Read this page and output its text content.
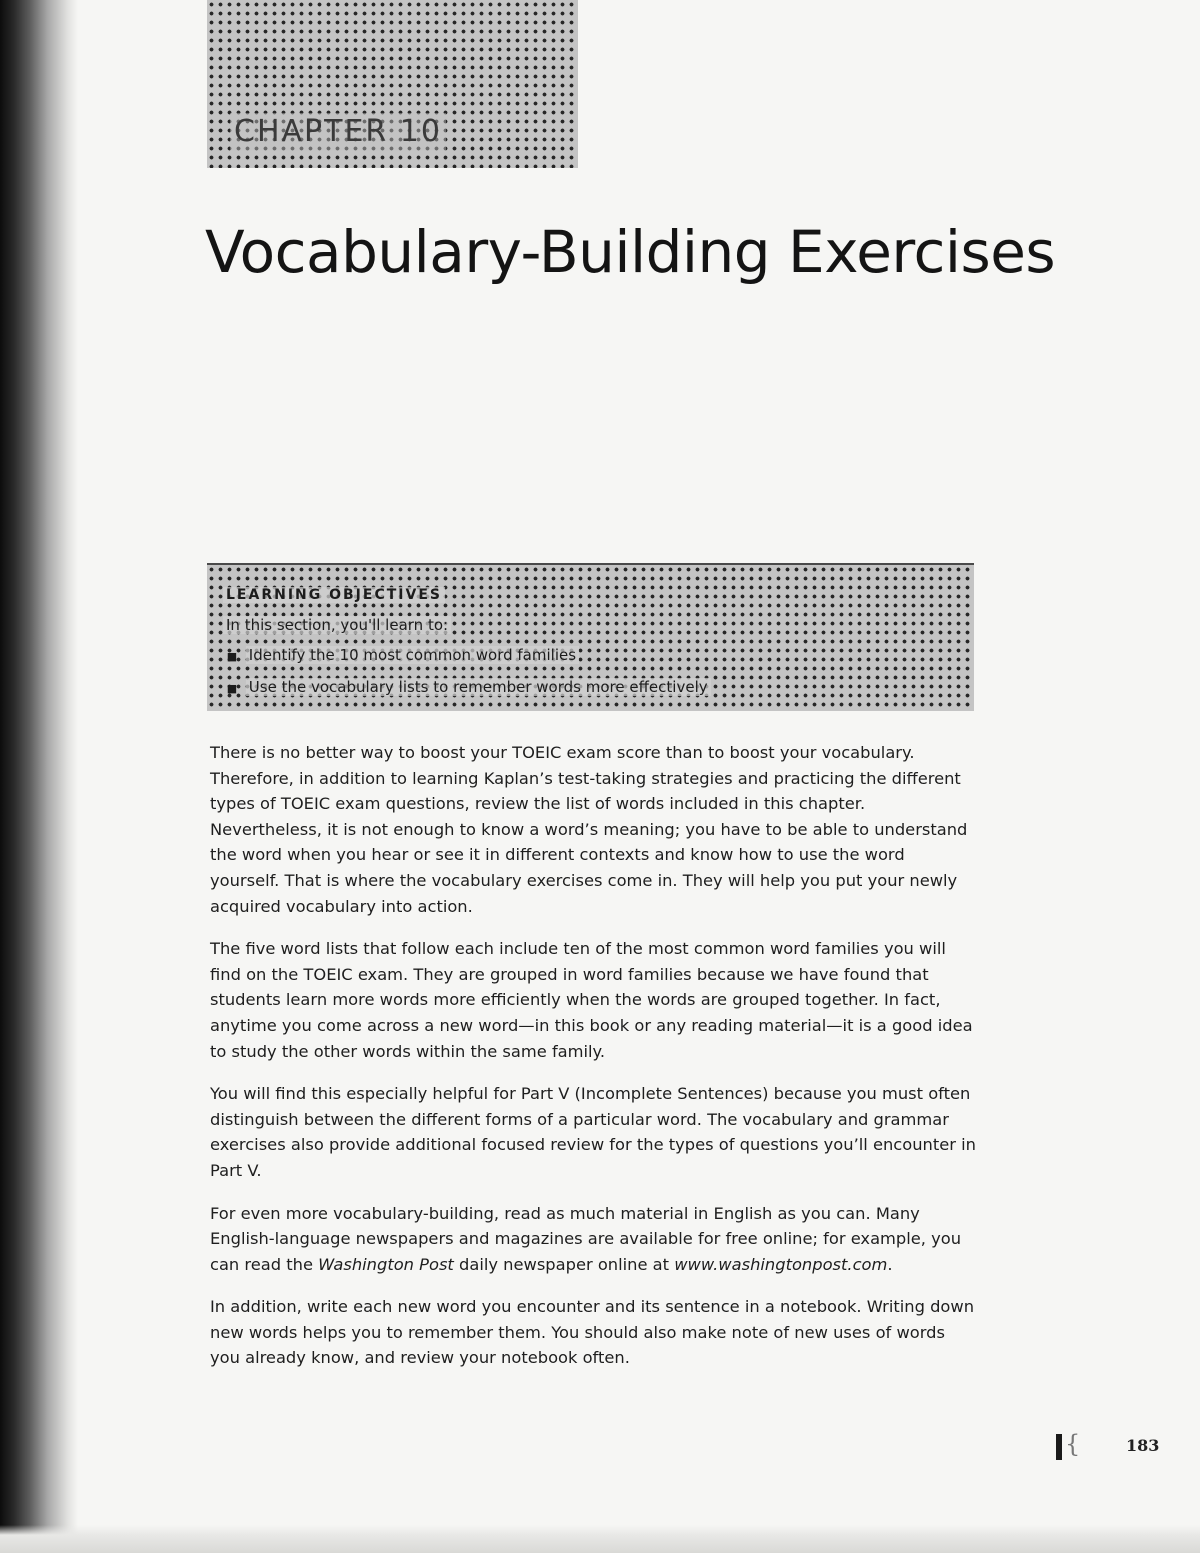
CHAPTER 10
Vocabulary-Building Exercises
LEARNING OBJECTIVES
In this section, you'll learn to:
■ Identify the 10 most common word families
■ Use the vocabulary lists to remember words more effectively

There is no better way to boost your TOEIC exam score than to boost your vocabulary. Therefore, in addition to learning Kaplan’s test-taking strategies and practicing the different types of TOEIC exam questions, review the list of words included in this chapter. Nevertheless, it is not enough to know a word’s meaning; you have to be able to understand the word when you hear or see it in different contexts and know how to use the word yourself. That is where the vocabulary exercises come in. They will help you put your newly acquired vocabulary into action.

The five word lists that follow each include ten of the most common word families you will find on the TOEIC exam. They are grouped in word families because we have found that students learn more words more efficiently when the words are grouped together. In fact, anytime you come across a new word—in this book or any reading material—it is a good idea to study the other words within the same family.

You will find this especially helpful for Part V (Incomplete Sentences) because you must often distinguish between the different forms of a particular word. The vocabulary and grammar exercises also provide additional focused review for the types of questions you’ll encounter in Part V.

For even more vocabulary-building, read as much material in English as you can. Many English-language newspapers and magazines are available for free online; for example, you can read the Washington Post daily newspaper online at www.washingtonpost.com.

In addition, write each new word you encounter and its sentence in a notebook. Writing down new words helps you to remember them. You should also make note of new uses of words you already know, and review your notebook often.

{	183
